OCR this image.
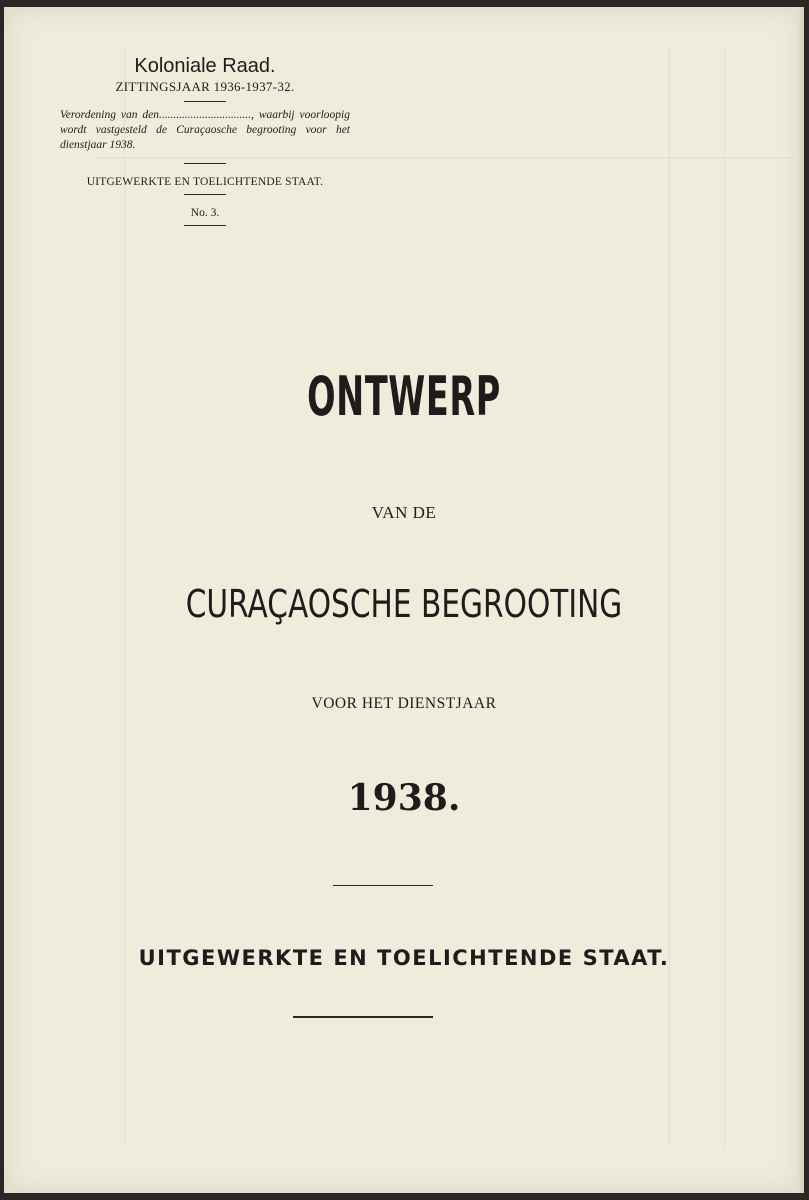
Koloniale Raad.
ZITTINGSJAAR 1936-1937-32.
Verordening van den................................, waarbij voorloopig wordt vastgesteld de Curaçaosche begrooting voor het dienstjaar 1938.
UITGEWERKTE EN TOELICHTENDE STAAT.
No. 3.
ONTWERP
VAN DE
CURAÇAOSCHE BEGROOTING
VOOR HET DIENSTJAAR
1938.
UITGEWERKTE EN TOELICHTENDE STAAT.
